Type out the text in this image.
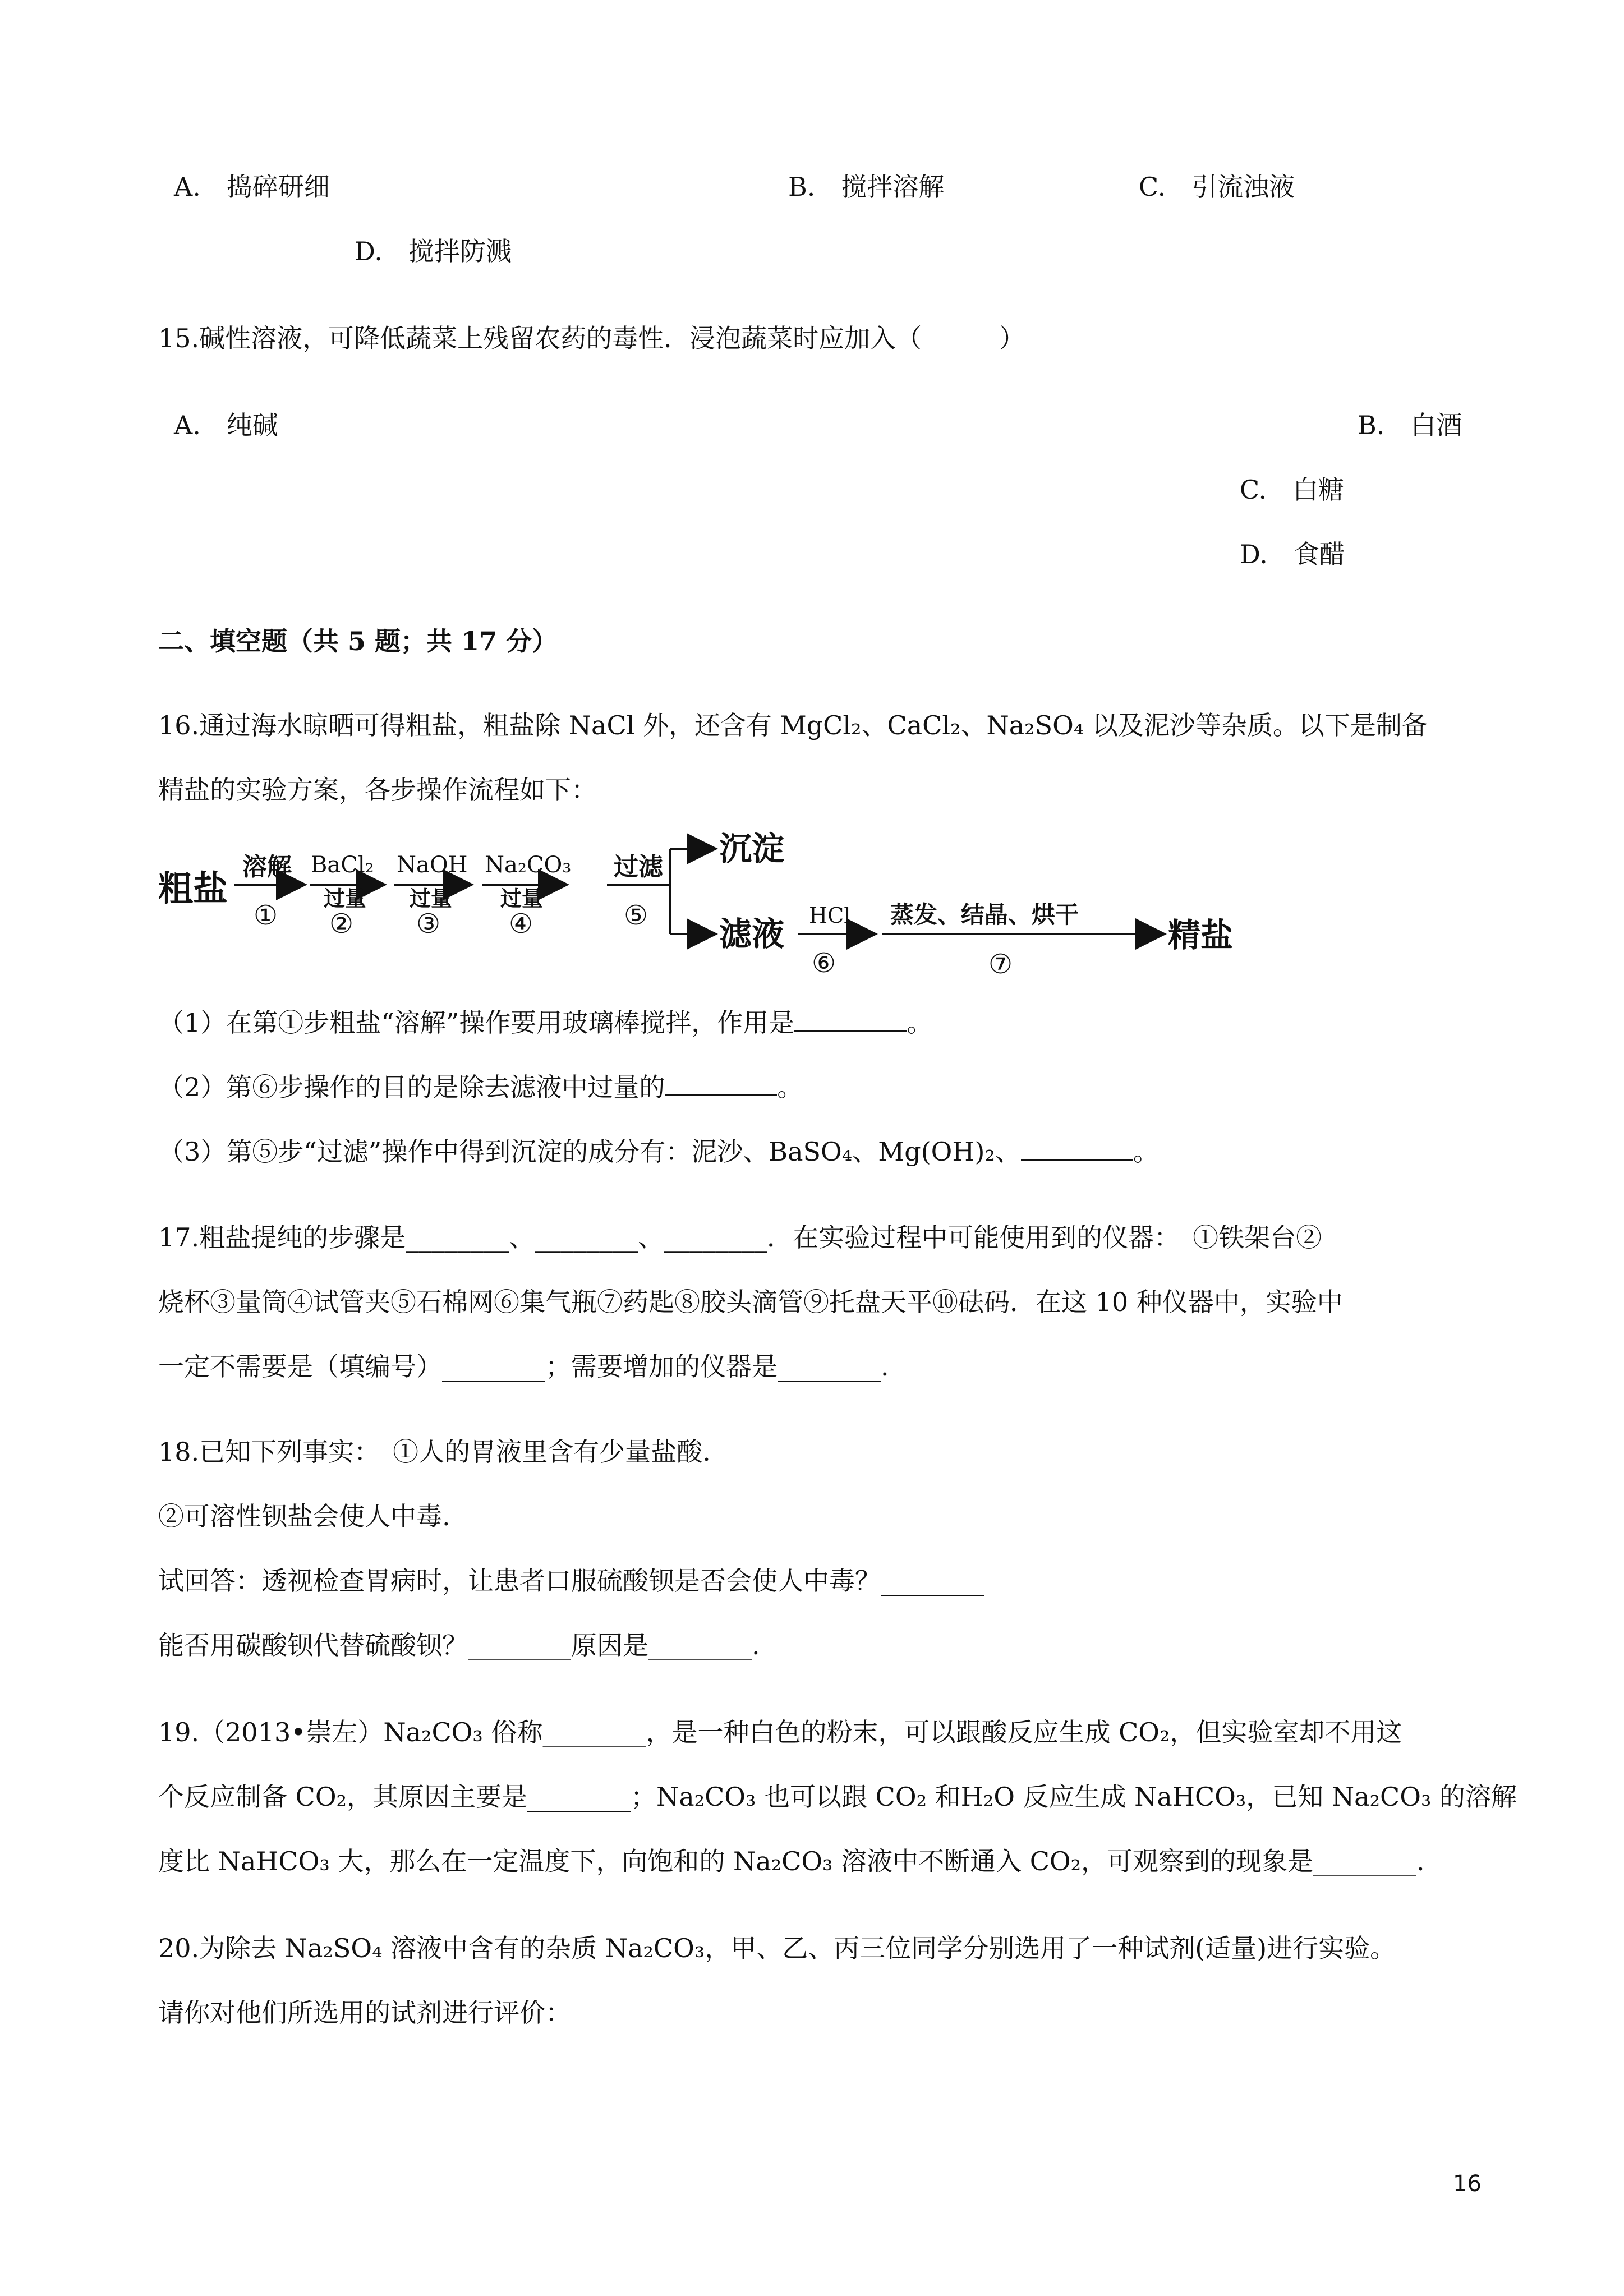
A.　捣碎研细	B.　搅拌溶解	C.　引流浊液
D.　搅拌防溅
15.碱性溶液，可降低蔬菜上残留农药的毒性．浸泡蔬菜时应加入（　　　）
A.　纯碱	B.　白酒
C.　白糖
D.　食醋
二、填空题（共 5 题；共 17 分）
16.通过海水晾晒可得粗盐，粗盐除 NaCl 外，还含有 MgCl₂、CaCl₂、Na₂SO₄ 以及泥沙等杂质。以下是制备
精盐的实验方案，各步操作流程如下：
粗盐
溶解
①
BaCl₂
过量
②
NaOH
过量
③
Na₂CO₃
过量
④
过滤
⑤
沉淀
滤液 HCl
⑥
蒸发、结晶、烘干
⑦
精盐
（1）在第①步粗盐“溶解”操作要用玻璃棒搅拌，作用是	。
（2）第⑥步操作的目的是除去滤液中过量的	。
（3）第⑤步“过滤”操作中得到沉淀的成分有：泥沙、BaSO₄、Mg(OH)₂、	。
17.粗盐提纯的步骤是________、________、________．在实验过程中可能使用到的仪器：　①铁架台②
烧杯③量筒④试管夹⑤石棉网⑥集气瓶⑦药匙⑧胶头滴管⑨托盘天平⑩砝码．在这 10 种仪器中，实验中
一定不需要是（填编号）________；需要增加的仪器是________.
18.已知下列事实：　①人的胃液里含有少量盐酸.
②可溶性钡盐会使人中毒.
试回答：透视检查胃病时，让患者口服硫酸钡是否会使人中毒？________
能否用碳酸钡代替硫酸钡？________原因是________.
19.（2013•崇左）Na₂CO₃ 俗称________，是一种白色的粉末，可以跟酸反应生成 CO₂，但实验室却不用这
个反应制备 CO₂，其原因主要是________；Na₂CO₃ 也可以跟 CO₂ 和H₂O 反应生成 NaHCO₃，已知 Na₂CO₃ 的溶解
度比 NaHCO₃ 大，那么在一定温度下，向饱和的 Na₂CO₃ 溶液中不断通入 CO₂，可观察到的现象是________.
20.为除去 Na₂SO₄ 溶液中含有的杂质 Na₂CO₃，甲、乙、丙三位同学分别选用了一种试剂(适量)进行实验。
请你对他们所选用的试剂进行评价：
16
